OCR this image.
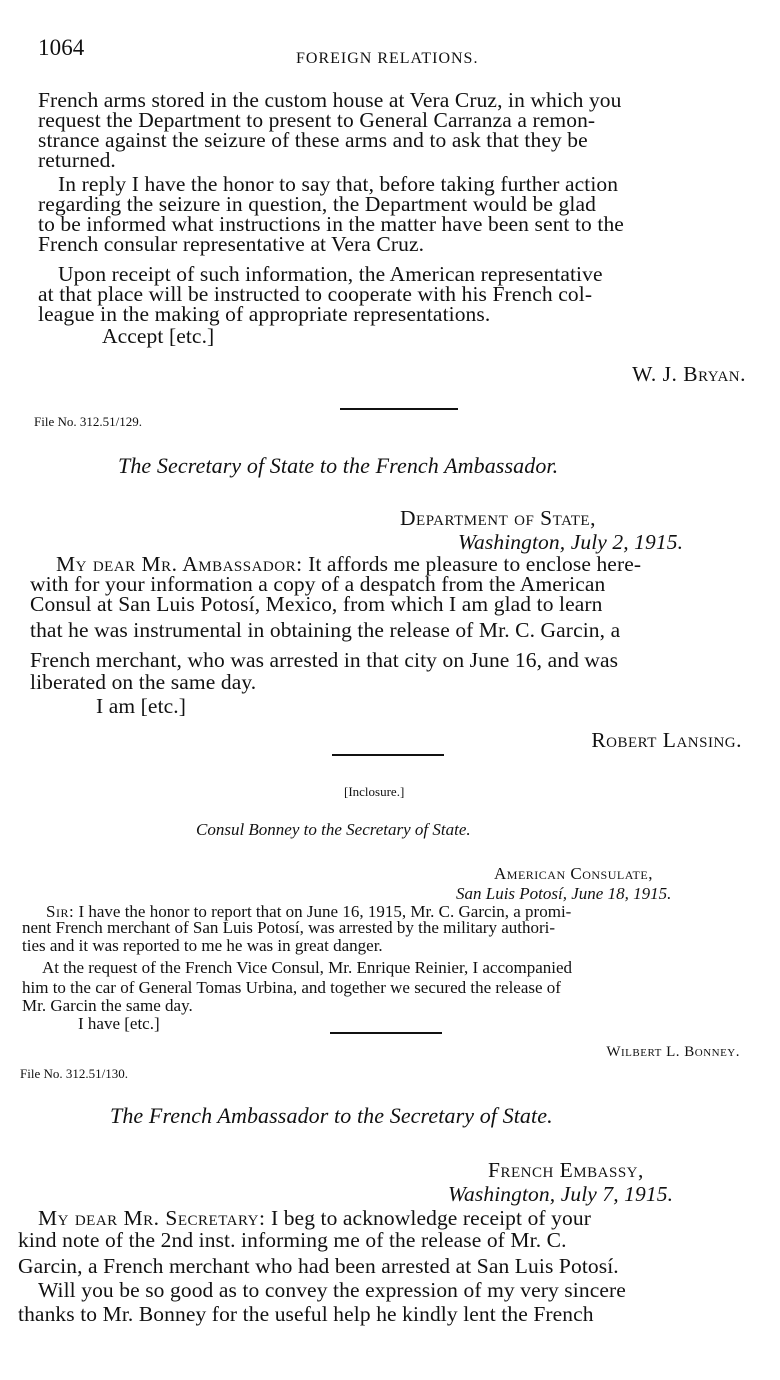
1064	FOREIGN RELATIONS.
French arms stored in the custom house at Vera Cruz, in which you
request the Department to present to General Carranza a remon-
strance against the seizure of these arms and to ask that they be
returned.
In reply I have the honor to say that, before taking further action
regarding the seizure in question, the Department would be glad
to be informed what instructions in the matter have been sent to the
French consular representative at Vera Cruz.
Upon receipt of such information, the American representative
at that place will be instructed to cooperate with his French col-
league in the making of appropriate representations.
Accept [etc.]
W. J. Bryan.
File No. 312.51/129.
The Secretary of State to the French Ambassador.
Department of State,
Washington, July 2, 1915.
My dear Mr. Ambassador: It affords me pleasure to enclose here-
with for your information a copy of a despatch from the American
Consul at San Luis Potosí, Mexico, from which I am glad to learn
that he was instrumental in obtaining the release of Mr. C. Garcin, a
French merchant, who was arrested in that city on June 16, and was
liberated on the same day.
I am [etc.]
Robert Lansing.
[Inclosure.]
Consul Bonney to the Secretary of State.
American Consulate,
San Luis Potosí, June 18, 1915.
Sir: I have the honor to report that on June 16, 1915, Mr. C. Garcin, a promi-
nent French merchant of San Luis Potosí, was arrested by the military authori-
ties and it was reported to me he was in great danger.
At the request of the French Vice Consul, Mr. Enrique Reinier, I accompanied
him to the car of General Tomas Urbina, and together we secured the release of
Mr. Garcin the same day.
I have [etc.]
Wilbert L. Bonney.
File No. 312.51/130.
The French Ambassador to the Secretary of State.
French Embassy,
Washington, July 7, 1915.
My dear Mr. Secretary: I beg to acknowledge receipt of your
kind note of the 2nd inst. informing me of the release of Mr. C.
Garcin, a French merchant who had been arrested at San Luis Potosí.
Will you be so good as to convey the expression of my very sincere
thanks to Mr. Bonney for the useful help he kindly lent the French
